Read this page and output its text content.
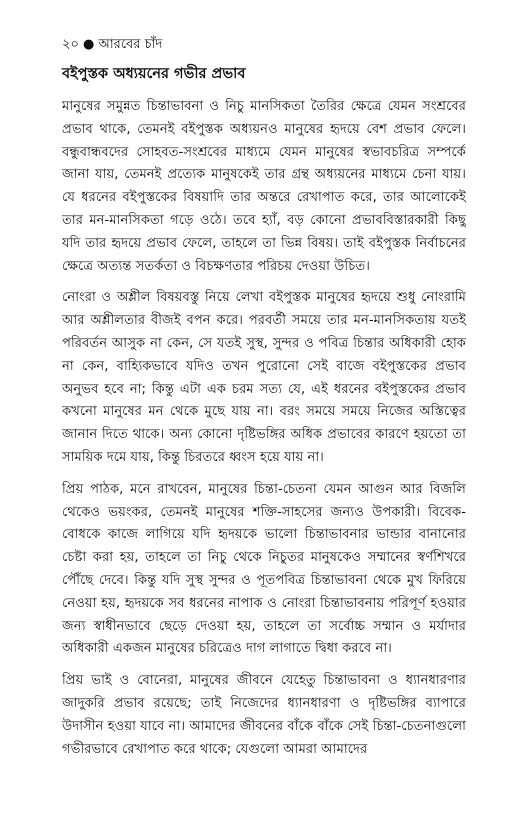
২০ ● আরবের চাঁদ
বইপুস্তক অধ্যয়নের গভীর প্রভাব

মানুষের সমুন্নত চিন্তাভাবনা ও নিচু মানসিকতা তৈরির ক্ষেত্রে যেমন সংশ্রবের প্রভাব থাকে, তেমনই বইপুস্তক অধ্যয়নও মানুষের হৃদয়ে বেশ প্রভাব ফেলে। বন্ধুবান্ধবদের সোহবত-সংশ্রবের মাধ্যমে যেমন মানুষের স্বভাবচরিত্র সম্পর্কে জানা যায়, তেমনই প্রত্যেক মানুষকেই তার গ্রন্থ অধ্যয়নের মাধ্যমে চেনা যায়। যে ধরনের বইপুস্তকের বিষয়াদি তার অন্তরে রেখাপাত করে, তার আলোকেই তার মন-মানসিকতা গড়ে ওঠে। তবে হ্যাঁ, বড় কোনো প্রভাববিস্তারকারী কিছু যদি তার হৃদয়ে প্রভাব ফেলে, তাহলে তা ভিন্ন বিষয়। তাই বইপুস্তক নির্বাচনের ক্ষেত্রে অত্যন্ত সতর্কতা ও বিচক্ষণতার পরিচয় দেওয়া উচিত।

নোংরা ও অশ্লীল বিষয়বস্তু নিয়ে লেখা বইপুস্তক মানুষের হৃদয়ে শুধু নোংরামি আর অশ্লীলতার বীজই বপন করে। পরবর্তী সময়ে তার মন-মানসিকতায় যতই পরিবর্তন আসুক না কেন, সে যতই সুস্থ, সুন্দর ও পবিত্র চিন্তার অধিকারী হোক না কেন, বাহ্যিকভাবে যদিও তখন পুরোনো সেই বাজে বইপুস্তকের প্রভাব অনুভব হবে না; কিন্তু এটা এক চরম সত্য যে, এই ধরনের বইপুস্তকের প্রভাব কখনো মানুষের মন থেকে মুছে যায় না। বরং সময়ে সময়ে নিজের অস্তিত্বের জানান দিতে থাকে। অন্য কোনো দৃষ্টিভঙ্গির অধিক প্রভাবের কারণে হয়তো তা সাময়িক দমে যায়, কিন্তু চিরতরে ধ্বংস হয়ে যায় না।

প্রিয় পাঠক, মনে রাখবেন, মানুষের চিন্তা-চেতনা যেমন আগুন আর বিজলি থেকেও ভয়ংকর, তেমনই মানুষের শক্তি-সাহসের জন্যও উপকারী। বিবেক-বোধকে কাজে লাগিয়ে যদি হৃদয়কে ভালো চিন্তাভাবনার ভান্ডার বানানোর চেষ্টা করা হয়, তাহলে তা নিচু থেকে নিচুতর মানুষকেও সম্মানের স্বর্ণশিখরে পৌঁছে দেবে। কিন্তু যদি সুস্থ সুন্দর ও পূতপবিত্র চিন্তাভাবনা থেকে মুখ ফিরিয়ে নেওয়া হয়, হৃদয়কে সব ধরনের নাপাক ও নোংরা চিন্তাভাবনায় পরিপূর্ণ হওয়ার জন্য স্বাধীনভাবে ছেড়ে দেওয়া হয়, তাহলে তা সর্বোচ্চ সম্মান ও মর্যাদার অধিকারী একজন মানুষের চরিত্রেও দাগ লাগাতে দ্বিধা করবে না।

প্রিয় ভাই ও বোনেরা, মানুষের জীবনে যেহেতু চিন্তাভাবনা ও ধ্যানধারণার জাদুকরি প্রভাব রয়েছে; তাই নিজেদের ধ্যানধারণা ও দৃষ্টিভঙ্গির ব্যাপারে উদাসীন হওয়া যাবে না। আমাদের জীবনের বাঁকে বাঁকে সেই চিন্তা-চেতনাগুলো গভীরভাবে রেখাপাত করে থাকে; যেগুলো আমরা আমাদের
